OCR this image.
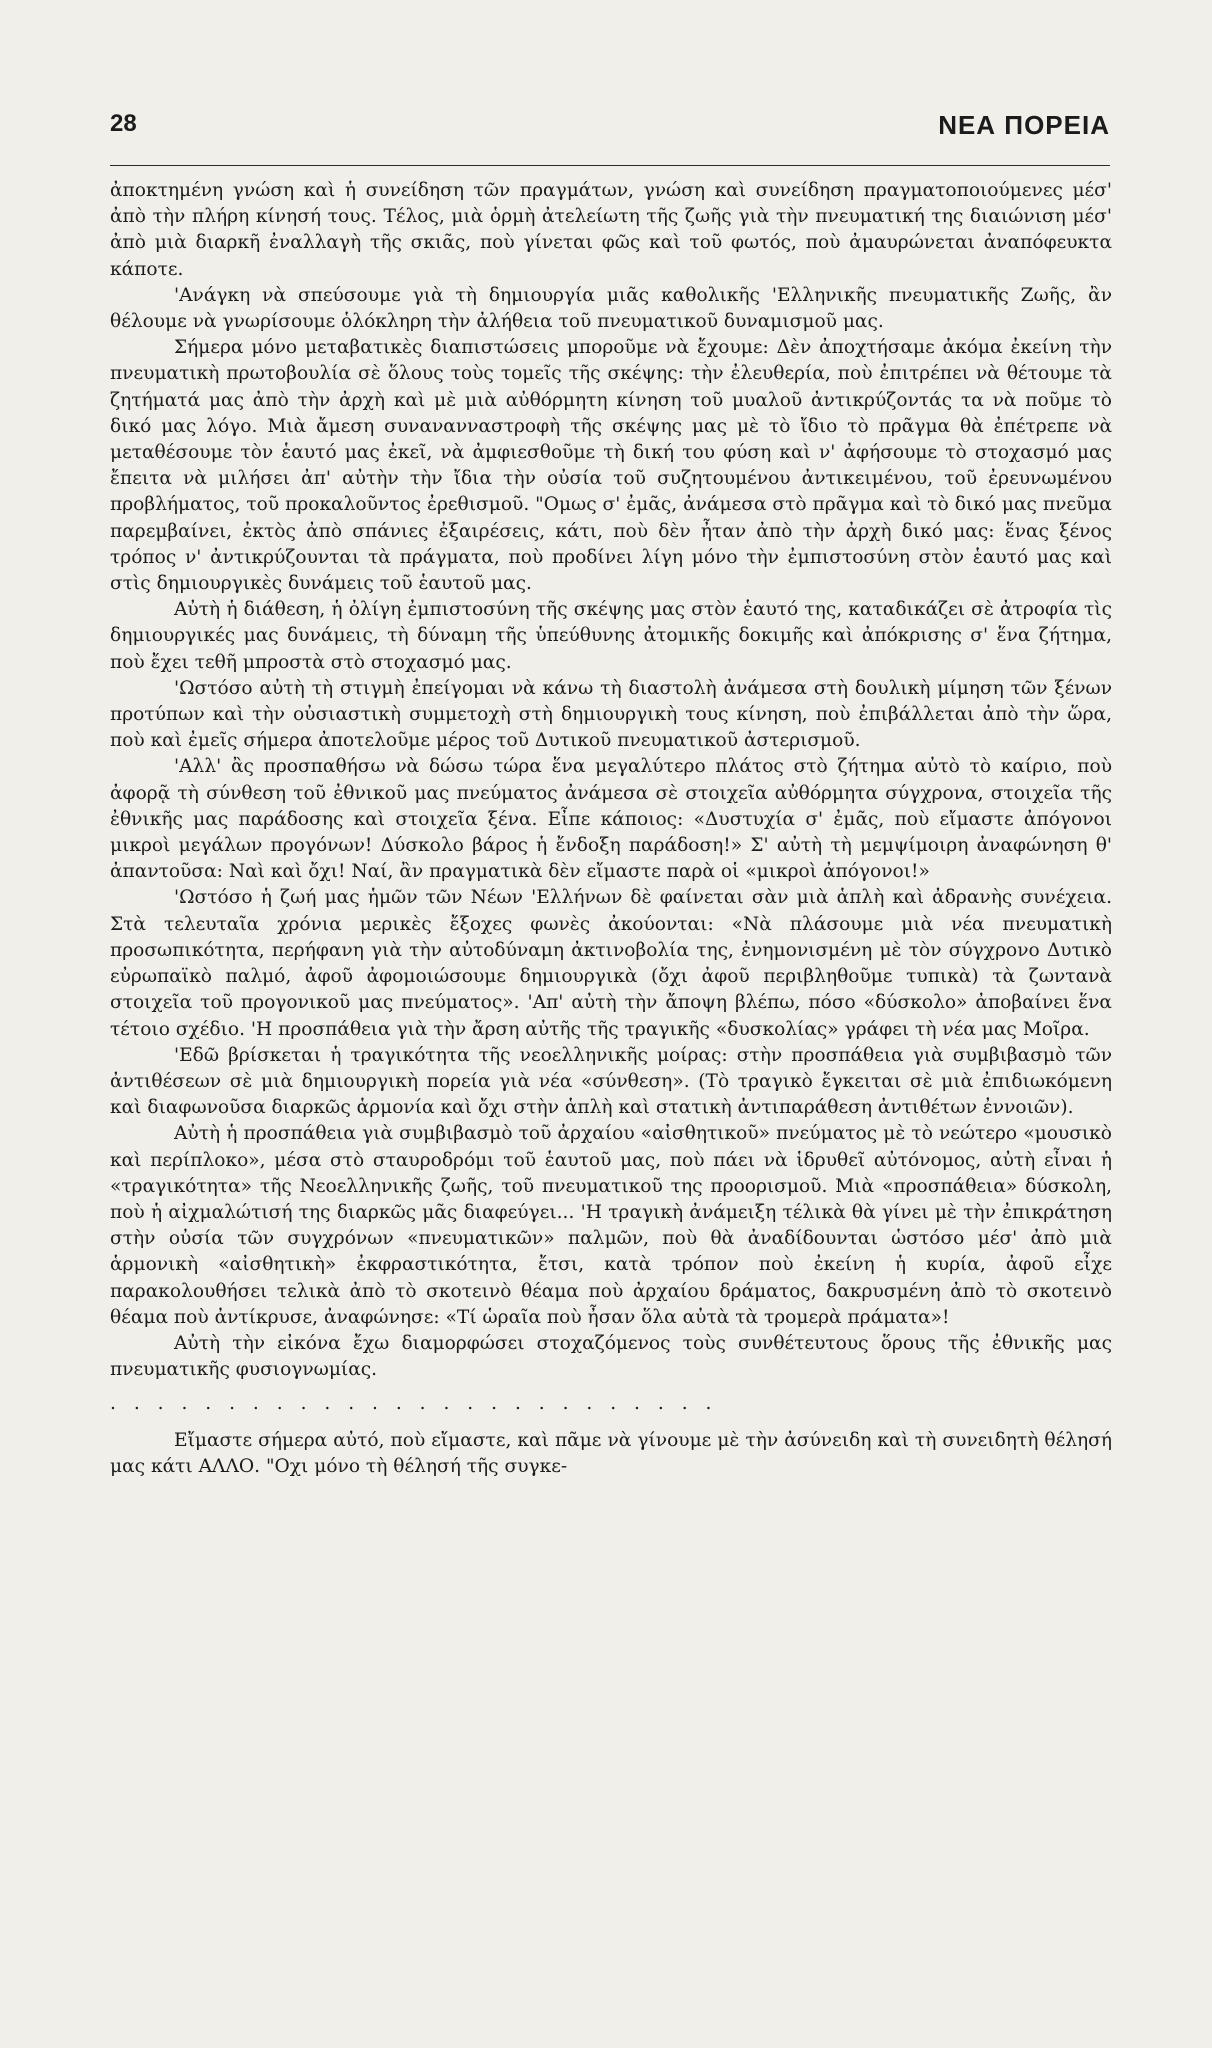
28	ΝΕΑ ΠΟΡΕΙΑ

ἀποκτημένη γνώση καὶ ἡ συνείδηση τῶν πραγμάτων, γνώση καὶ συνείδηση πραγματοποιούμενες μέσ' ἀπὸ τὴν πλήρη κίνησή τους. Τέλος, μιὰ ὁρμὴ ἀτελείωτη τῆς ζωῆς γιὰ τὴν πνευματική της διαιώνιση μέσ' ἀπὸ μιὰ διαρκῆ ἐναλλαγὴ τῆς σκιᾶς, ποὺ γίνεται φῶς καὶ τοῦ φωτός, ποὺ ἀμαυρώνεται ἀναπόφευκτα κάποτε.

'Ανάγκη νὰ σπεύσουμε γιὰ τὴ δημιουργία μιᾶς καθολικῆς 'Ελληνικῆς πνευματικῆς Ζωῆς, ἂν θέλουμε νὰ γνωρίσουμε ὁλόκληρη τὴν ἀλήθεια τοῦ πνευματικοῦ δυναμισμοῦ μας.

Σήμερα μόνο μεταβατικὲς διαπιστώσεις μποροῦμε νὰ ἔχουμε: Δὲν ἀποχτήσαμε ἀκόμα ἐκείνη τὴν πνευματικὴ πρωτοβουλία σὲ ὅλους τοὺς τομεῖς τῆς σκέψης: τὴν ἐλευθερία, ποὺ ἐπιτρέπει νὰ θέτουμε τὰ ζητήματά μας ἀπὸ τὴν ἀρχὴ καὶ μὲ μιὰ αὐθόρμητη κίνηση τοῦ μυαλοῦ ἀντικρύζοντάς τα νὰ ποῦμε τὸ δικό μας λόγο. Μιὰ ἄμεση συνανανναστροφὴ τῆς σκέψης μας μὲ τὸ ἴδιο τὸ πρᾶγμα θὰ ἐπέτρεπε νὰ μεταθέσουμε τὸν ἑαυτό μας ἐκεῖ, νὰ ἀμφιεσθοῦμε τὴ δική του φύση καὶ ν' ἀφήσουμε τὸ στοχασμό μας ἔπειτα νὰ μιλήσει ἀπ' αὐτὴν τὴν ἴδια τὴν οὐσία τοῦ συζητουμένου ἀντικειμένου, τοῦ ἐρευνωμένου προβλήματος, τοῦ προκαλοῦντος ἐρεθισμοῦ. "Ομως σ' ἐμᾶς, ἀνάμεσα στὸ πρᾶγμα καὶ τὸ δικό μας πνεῦμα παρεμβαίνει, ἐκτὸς ἀπὸ σπάνιες ἐξαιρέσεις, κάτι, ποὺ δὲν ἦταν ἀπὸ τὴν ἀρχὴ δικό μας: ἕνας ξένος τρόπος ν' ἀντικρύζουνται τὰ πράγματα, ποὺ προδίνει λίγη μόνο τὴν ἐμπιστοσύνη στὸν ἑαυτό μας καὶ στὶς δημιουργικὲς δυνάμεις τοῦ ἑαυτοῦ μας.

Αὐτὴ ἡ διάθεση, ἡ ὀλίγη ἐμπιστοσύνη τῆς σκέψης μας στὸν ἑαυτό της, καταδικάζει σὲ ἀτροφία τὶς δημιουργικές μας δυνάμεις, τὴ δύναμη τῆς ὑπεύθυνης ἀτομικῆς δοκιμῆς καὶ ἀπόκρισης σ' ἕνα ζήτημα, ποὺ ἔχει τεθῆ μπροστὰ στὸ στοχασμό μας.

'Ωστόσο αὐτὴ τὴ στιγμὴ ἐπείγομαι νὰ κάνω τὴ διαστολὴ ἀνάμεσα στὴ δουλικὴ μίμηση τῶν ξένων προτύπων καὶ τὴν οὐσιαστικὴ συμμετοχὴ στὴ δημιουργικὴ τους κίνηση, ποὺ ἐπιβάλλεται ἀπὸ τὴν ὥρα, ποὺ καὶ ἐμεῖς σήμερα ἀποτελοῦμε μέρος τοῦ Δυτικοῦ πνευματικοῦ ἀστερισμοῦ.

'Αλλ' ἂς προσπαθήσω νὰ δώσω τώρα ἕνα μεγαλύτερο πλάτος στὸ ζήτημα αὐτὸ τὸ καίριο, ποὺ ἀφορᾷ τὴ σύνθεση τοῦ ἐθνικοῦ μας πνεύματος ἀνάμεσα σὲ στοιχεῖα αὐθόρμητα σύγχρονα, στοιχεῖα τῆς ἐθνικῆς μας παράδοσης καὶ στοιχεῖα ξένα. Εἶπε κάποιος: «Δυστυχία σ' ἐμᾶς, ποὺ εἴμαστε ἀπόγονοι μικροὶ μεγάλων προγόνων! Δύσκολο βάρος ἡ ἔνδοξη παράδοση!» Σ' αὐτὴ τὴ μεμψίμοιρη ἀναφώνηση θ' ἀπαντοῦσα: Ναὶ καὶ ὄχι! Ναί, ἂν πραγματικὰ δὲν εἴμαστε παρὰ οἱ «μικροὶ ἀπόγονοι!»

'Ωστόσο ἡ ζωή μας ἡμῶν τῶν Νέων 'Ελλήνων δὲ φαίνεται σὰν μιὰ ἁπλὴ καὶ ἀδρανὴς συνέχεια. Στὰ τελευταῖα χρόνια μερικὲς ἔξοχες φωνὲς ἀκούονται: «Νὰ πλάσουμε μιὰ νέα πνευματικὴ προσωπικότητα, περήφανη γιὰ τὴν αὐτοδύναμη ἀκτινοβολία της, ἐνημονισμένη μὲ τὸν σύγχρονο Δυτικὸ εὐρωπαϊκὸ παλμό, ἀφοῦ ἀφομοιώσουμε δημιουργικὰ (ὄχι ἀφοῦ περιβληθοῦμε τυπικὰ) τὰ ζωντανὰ στοιχεῖα τοῦ προγονικοῦ μας πνεύματος». 'Απ' αὐτὴ τὴν ἄποψη βλέπω, πόσο «δύσκολο» ἀποβαίνει ἕνα τέτοιο σχέδιο. 'Η προσπάθεια γιὰ τὴν ἄρση αὐτῆς τῆς τραγικῆς «δυσκολίας» γράφει τὴ νέα μας Μοῖρα.

'Εδῶ βρίσκεται ἡ τραγικότητα τῆς νεοελληνικῆς μοίρας: στὴν προσπάθεια γιὰ συμβιβασμὸ τῶν ἀντιθέσεων σὲ μιὰ δημιουργικὴ πορεία γιὰ νέα «σύνθεση». (Τὸ τραγικὸ ἔγκειται σὲ μιὰ ἐπιδιωκόμενη καὶ διαφωνοῦσα διαρκῶς ἁρμονία καὶ ὄχι στὴν ἁπλὴ καὶ στατικὴ ἀντιπαράθεση ἀντιθέτων ἐννοιῶν).

Αὐτὴ ἡ προσπάθεια γιὰ συμβιβασμὸ τοῦ ἀρχαίου «αἰσθητικοῦ» πνεύματος μὲ τὸ νεώτερο «μουσικὸ καὶ περίπλοκο», μέσα στὸ σταυροδρόμι τοῦ ἑαυτοῦ μας, ποὺ πάει νὰ ἱδρυθεῖ αὐτόνομος, αὐτὴ εἶναι ἡ «τραγικότητα» τῆς Νεοελληνικῆς ζωῆς, τοῦ πνευματικοῦ της προορισμοῦ. Μιὰ «προσπάθεια» δύσκολη, ποὺ ἡ αἰχμαλώτισή της διαρκῶς μᾶς διαφεύγει... 'Η τραγικὴ ἀνάμειξη τέλικὰ θὰ γίνει μὲ τὴν ἐπικράτηση στὴν οὐσία τῶν συγχρόνων «πνευματικῶν» παλμῶν, ποὺ θὰ ἀναδίδουνται ὡστόσο μέσ' ἀπὸ μιὰ ἁρμονικὴ «αἰσθητικὴ» ἐκφραστικότητα, ἔτσι, κατὰ τρόπον ποὺ ἐκείνη ἡ κυρία, ἀφοῦ εἶχε παρακολουθήσει τελικὰ ἀπὸ τὸ σκοτεινὸ θέαμα ποὺ ἀρχαίου δράματος, δακρυσμένη ἀπὸ τὸ σκοτεινὸ θέαμα ποὺ ἀντίκρυσε, ἀναφώνησε: «Τί ὡραῖα ποὺ ἦσαν ὅλα αὐτὰ τὰ τρομερὰ πράματα»!

Αὐτὴ τὴν εἰκόνα ἔχω διαμορφώσει στοχαζόμενος τοὺς συνθέτευτους ὅρους τῆς ἐθνικῆς μας πνευματικῆς φυσιογνωμίας.

. . . . . . . . . . . . . . . . . . . . . . . . . .

Εἴμαστε σήμερα αὐτό, ποὺ εἴμαστε, καὶ πᾶμε νὰ γίνουμε μὲ τὴν ἀσύνειδη καὶ τὴ συνειδητὴ θέλησή μας κάτι ΑΛΛΟ. "Οχι μόνο τὴ θέλησή τῆς συγκε-
